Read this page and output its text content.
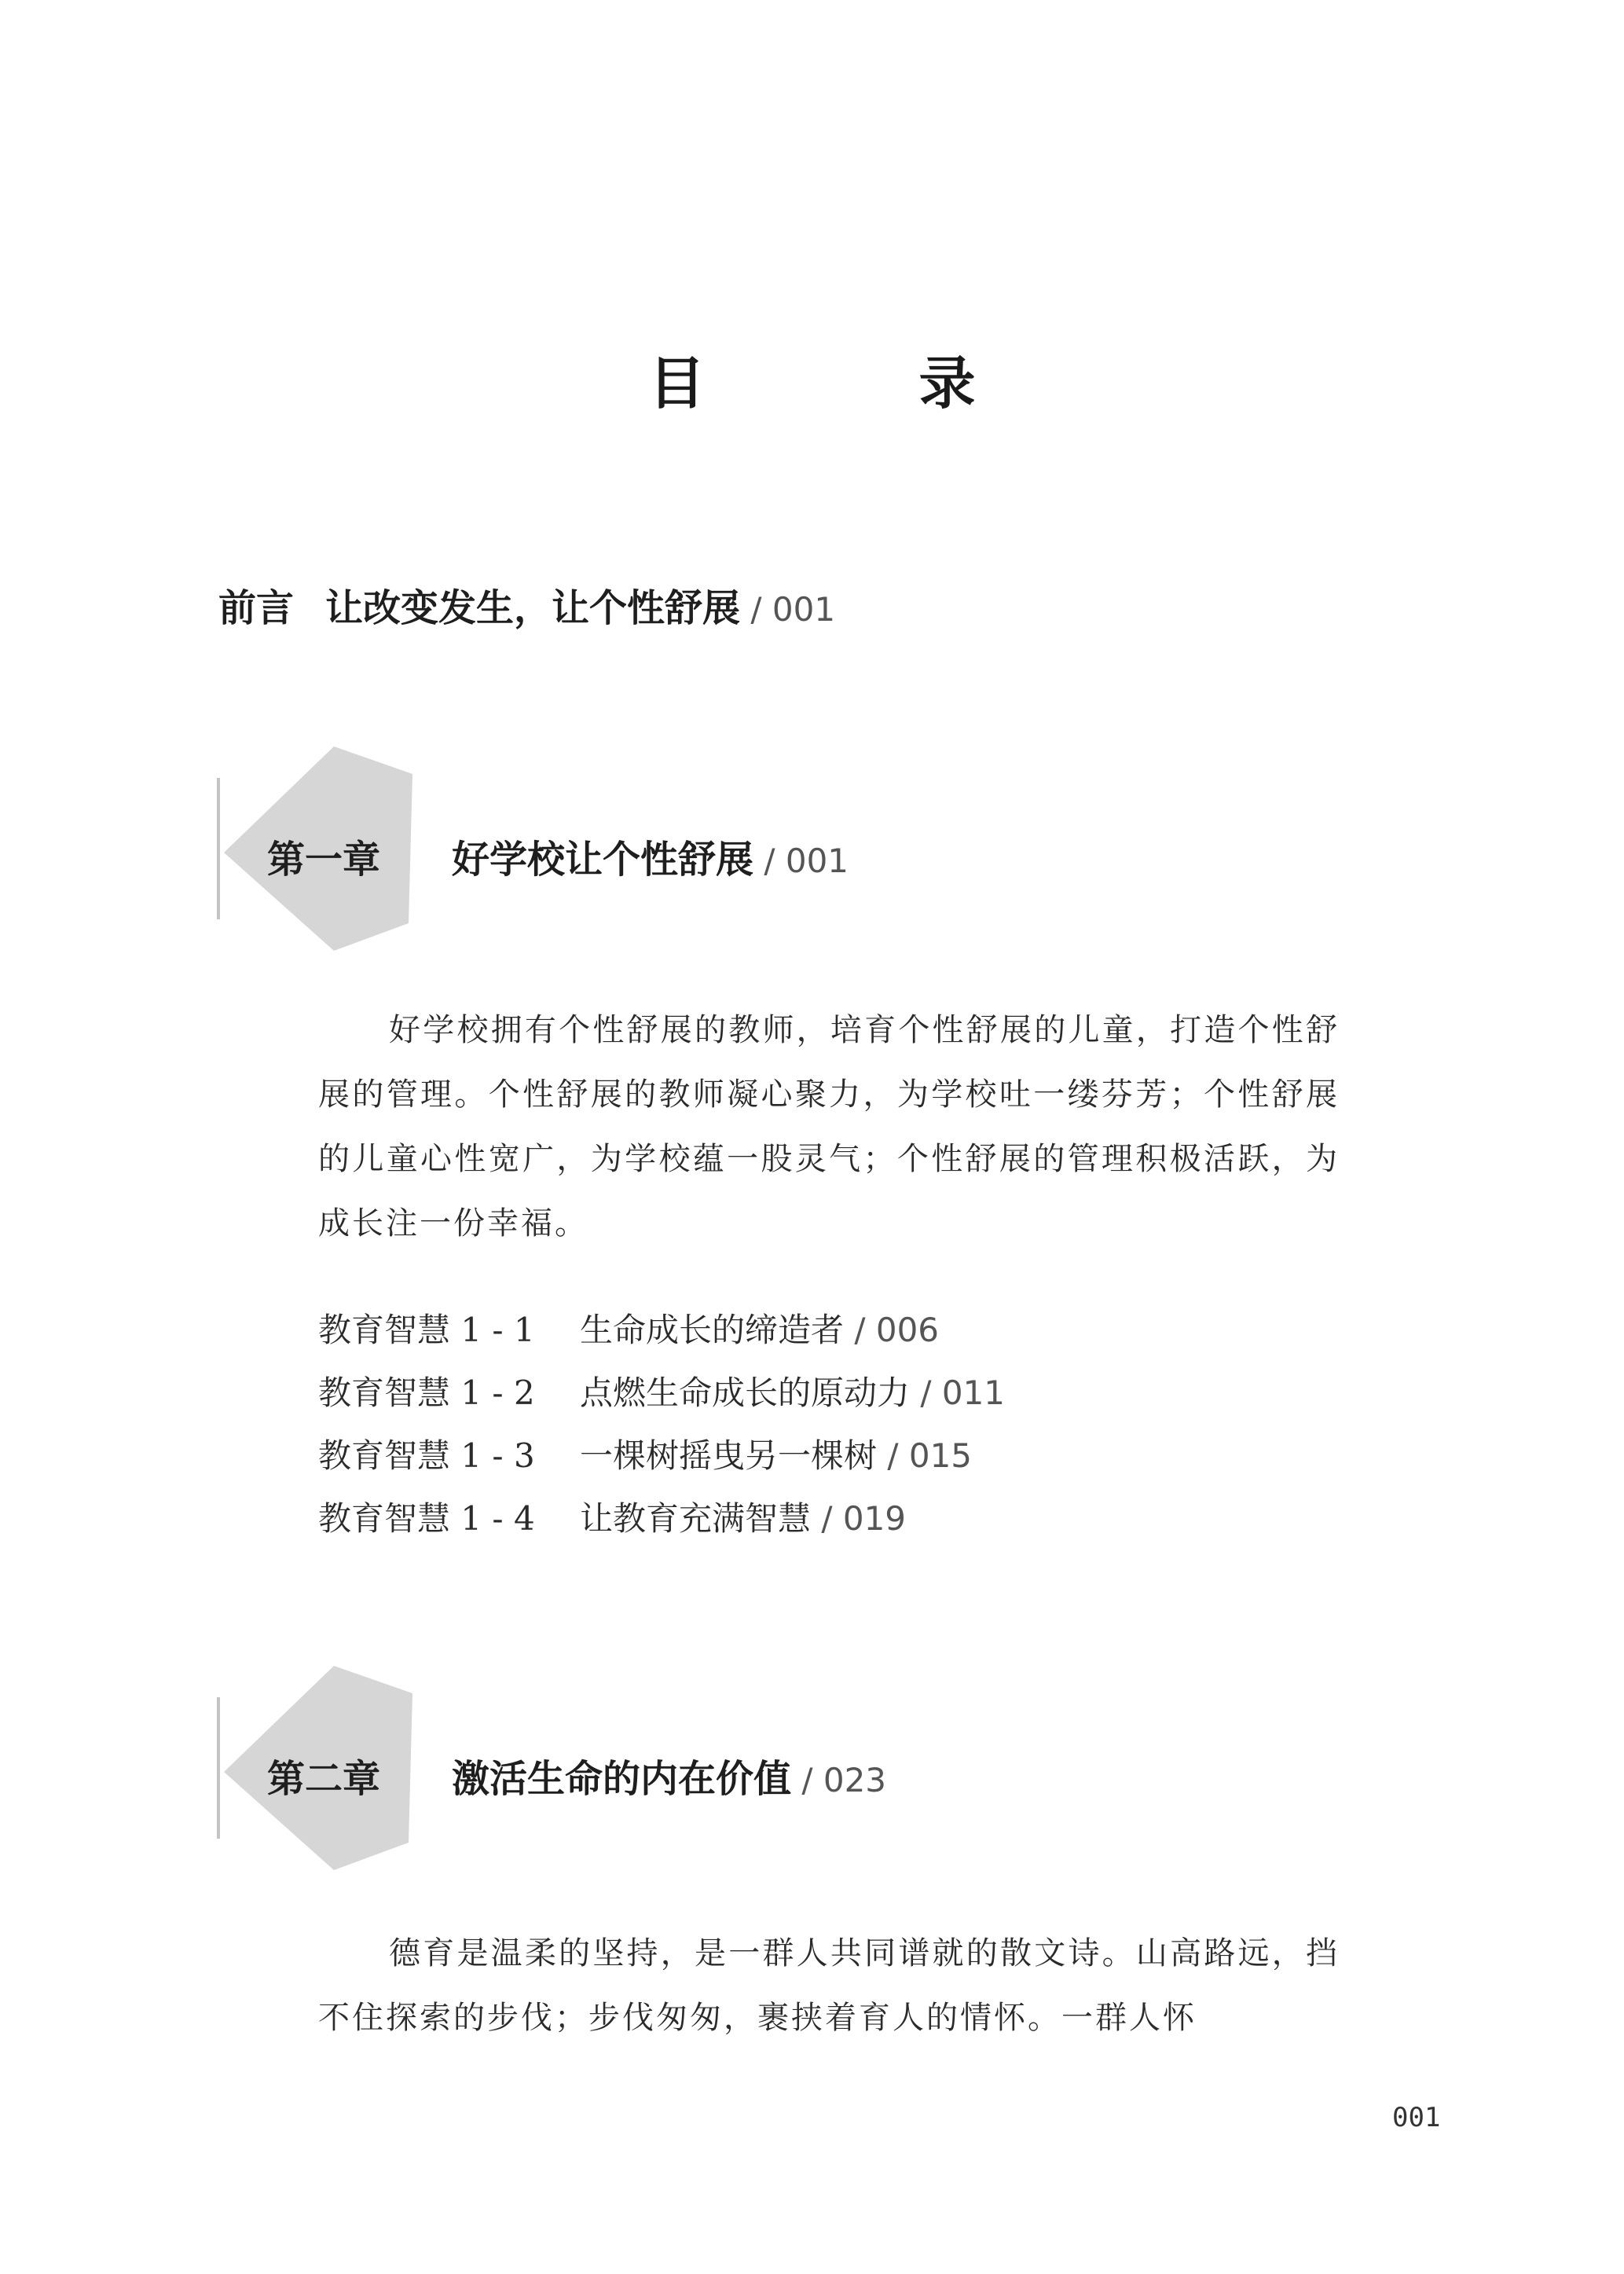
目　录
前言 让改变发生，让个性舒展 / 001
第一章 好学校让个性舒展 / 001

好学校拥有个性舒展的教师，培育个性舒展的儿童，打造个性舒展的管理。个性舒展的教师凝心聚力，为学校吐一缕芬芳；个性舒展的儿童心性宽广，为学校蕴一股灵气；个性舒展的管理积极活跃，为成长注一份幸福。

教育智慧 1 - 1 生命成长的缔造者 / 006
教育智慧 1 - 2 点燃生命成长的原动力 / 011
教育智慧 1 - 3 一棵树摇曳另一棵树 / 015
教育智慧 1 - 4 让教育充满智慧 / 019
第二章 激活生命的内在价值 / 023

德育是温柔的坚持，是一群人共同谱就的散文诗。山高路远，挡不住探索的步伐；步伐匆匆，裹挟着育人的情怀。一群人怀

001
